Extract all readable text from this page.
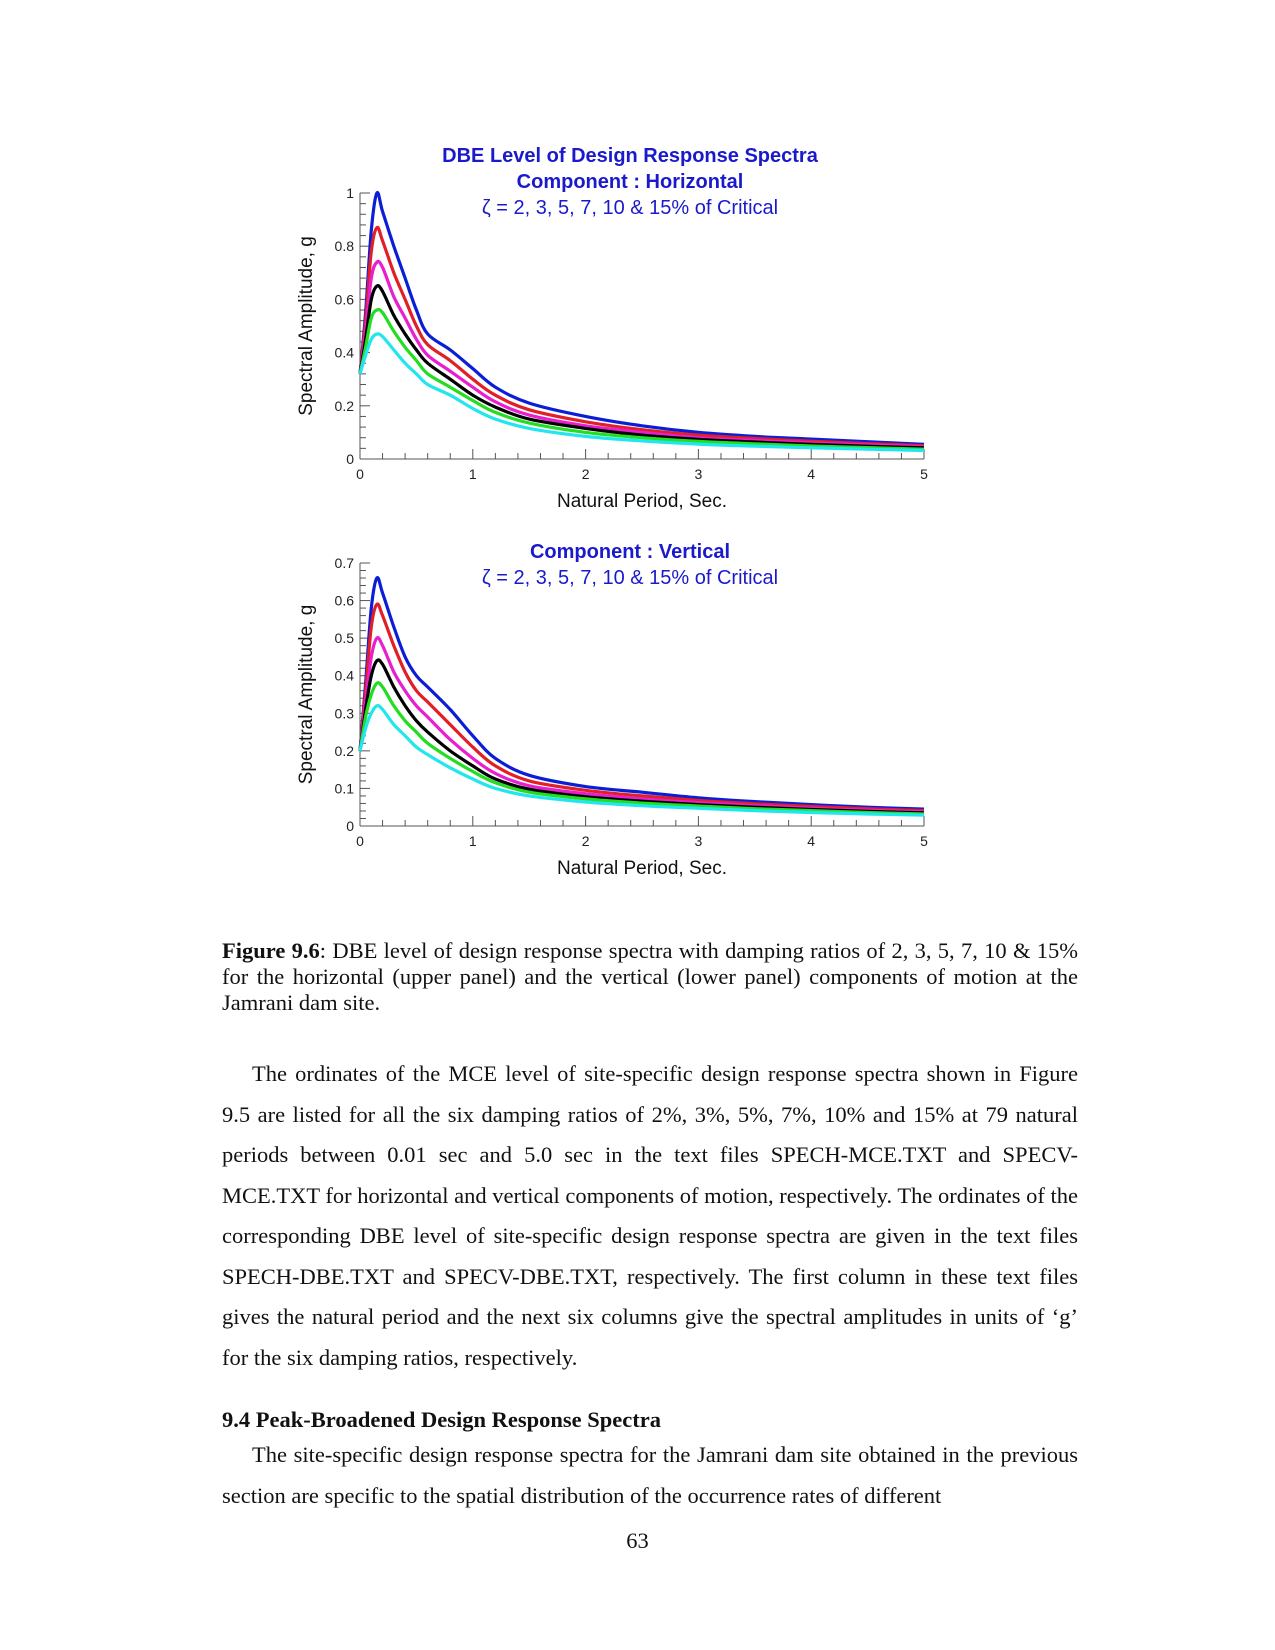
DBE Level of Design Response Spectra
Component : Horizontal
ζ = 2, 3, 5, 7, 10 & 15% of Critical
0	1	2	3	4	5
0
0.2
0.4
0.6
0.8
1
Natural Period, Sec.
Spectral Amplitude, g
Component : Vertical
ζ = 2, 3, 5, 7, 10 & 15% of Critical
0	1	2	3	4	5
0
0.1
0.2
0.3
0.4
0.5
0.6
0.7
Natural Period, Sec.
Spectral Amplitude, g
Figure 9.6: DBE level of design response spectra with damping ratios of 2, 3, 5, 7, 10 & 15% for the horizontal (upper panel) and the vertical (lower panel) components of motion at the Jamrani dam site.
The ordinates of the MCE level of site-specific design response spectra shown in Figure 9.5 are listed for all the six damping ratios of 2%, 3%, 5%, 7%, 10% and 15% at 79 natural periods between 0.01 sec and 5.0 sec in the text files SPECH-MCE.TXT and SPECV-MCE.TXT for horizontal and vertical components of motion, respectively. The ordinates of the corresponding DBE level of site-specific design response spectra are given in the text files SPECH-DBE.TXT and SPECV-DBE.TXT, respectively. The first column in these text files gives the natural period and the next six columns give the spectral amplitudes in units of ‘g’ for the six damping ratios, respectively.
9.4 Peak-Broadened Design Response Spectra
The site-specific design response spectra for the Jamrani dam site obtained in the previous section are specific to the spatial distribution of the occurrence rates of different
63
